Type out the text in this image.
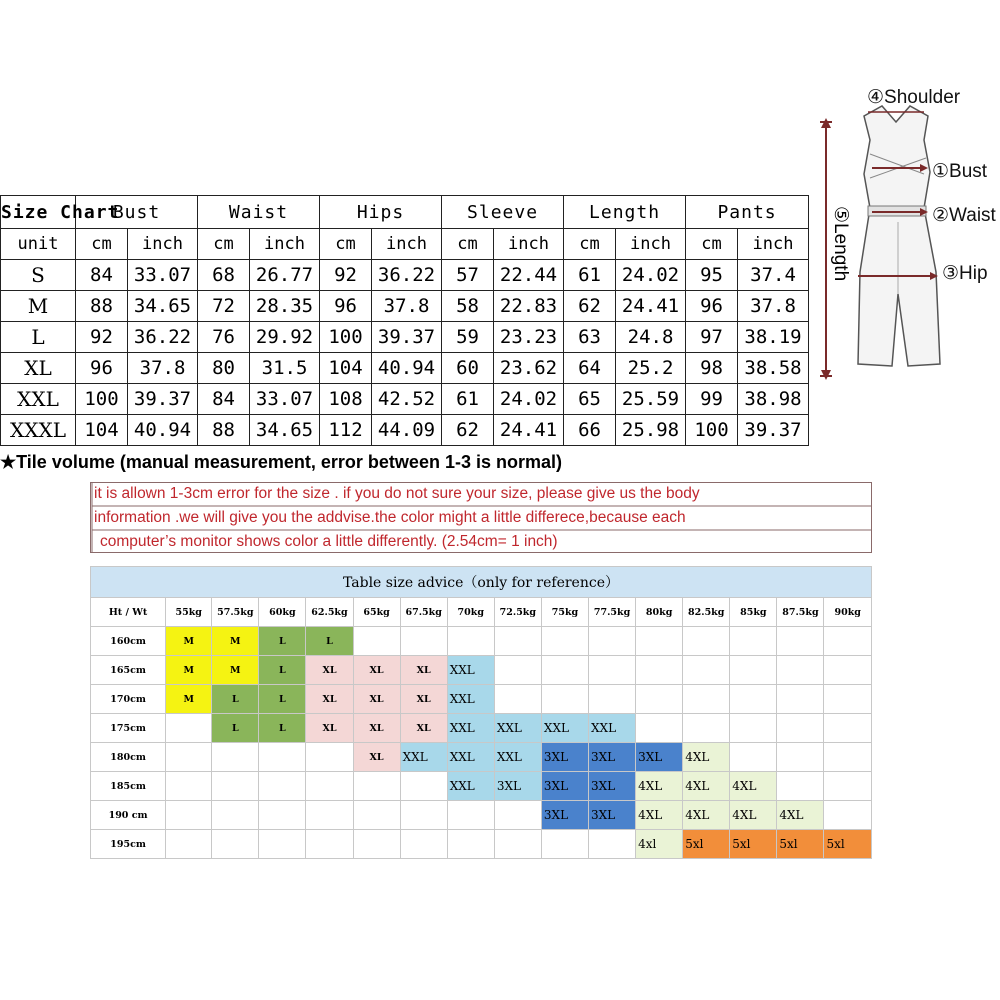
Size Chart	Bust		Waist		Hips		Sleeve		Length		Pants	
unit	cm	inch	cm	inch	cm	inch	cm	inch	cm	inch	cm	inch
S	84	33.07	68	26.77	92	36.22	57	22.44	61	24.02	95	37.4
M	88	34.65	72	28.35	96	37.8	58	22.83	62	24.41	96	37.8
L	92	36.22	76	29.92	100	39.37	59	23.23	63	24.8	97	38.19
XL	96	37.8	80	31.5	104	40.94	60	23.62	64	25.2	98	38.58
XXL	100	39.37	84	33.07	108	42.52	61	24.02	65	25.59	99	38.98
XXXL	104	40.94	88	34.65	112	44.09	62	24.41	66	25.98	100	39.37
④Shoulder
①Bust
②Waist
③Hip
⑤Length

★Tile volume (manual measurement, error between 1-3 is normal)

it is allown 1-3cm error for the size . if you do not sure your size, please give us the body
information .we will give you the addvise.the color might a little differece,because each
computer’s monitor shows color a little differently. (2.54cm= 1 inch)
Table size advice（only for reference）															
Ht / Wt	55kg	57.5kg	60kg	62.5kg	65kg	67.5kg	70kg	72.5kg	75kg	77.5kg	80kg	82.5kg	85kg	87.5kg	90kg
160cm	M	M	L	L											
165cm	M	M	L	XL	XL	XL	XXL								
170cm	M	L	L	XL	XL	XL	XXL								
175cm		L	L	XL	XL	XL	XXL	XXL	XXL	XXL					
180cm					XL	XXL	XXL	XXL	3XL	3XL	3XL	4XL			
185cm							XXL	3XL	3XL	3XL	4XL	4XL	4XL		
190 cm									3XL	3XL	4XL	4XL	4XL	4XL	
195cm											4xl	5xl	5xl	5xl	5xl
